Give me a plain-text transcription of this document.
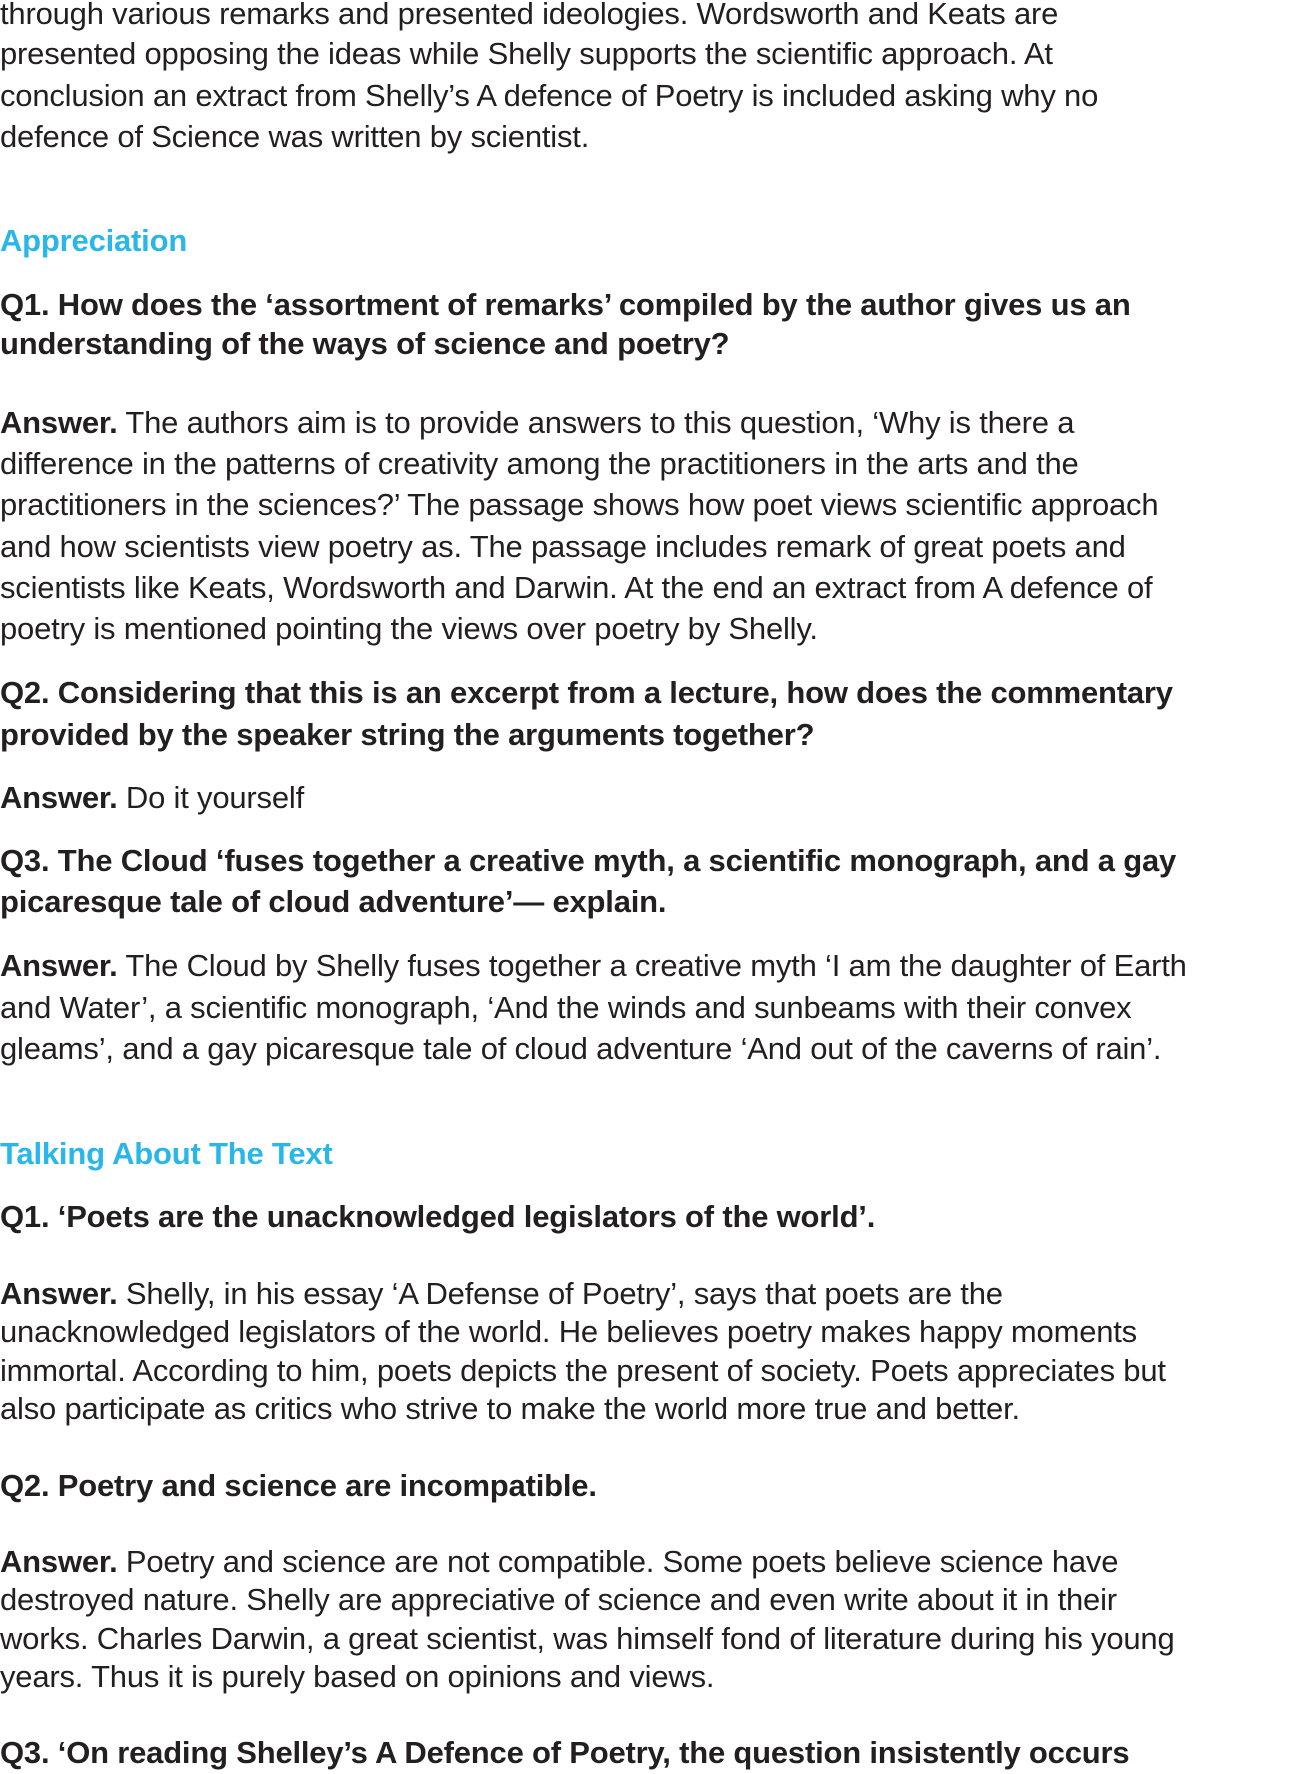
through various remarks and presented ideologies. Wordsworth and Keats are
presented opposing the ideas while Shelly supports the scientific approach. At
conclusion an extract from Shelly’s A defence of Poetry is included asking why no
defence of Science was written by scientist.
Appreciation
Q1. How does the ‘assortment of remarks’ compiled by the author gives us an
understanding of the ways of science and poetry?
Answer. The authors aim is to provide answers to this question, ‘Why is there a
difference in the patterns of creativity among the practitioners in the arts and the
practitioners in the sciences?’ The passage shows how poet views scientific approach
and how scientists view poetry as. The passage includes remark of great poets and
scientists like Keats, Wordsworth and Darwin. At the end an extract from A defence of
poetry is mentioned pointing the views over poetry by Shelly.
Q2. Considering that this is an excerpt from a lecture, how does the commentary
provided by the speaker string the arguments together?
Answer. Do it yourself
Q3. The Cloud ‘fuses together a creative myth, a scientific monograph, and a gay
picaresque tale of cloud adventure’— explain.
Answer. The Cloud by Shelly fuses together a creative myth ‘I am the daughter of Earth
and Water’, a scientific monograph, ‘And the winds and sunbeams with their convex
gleams’, and a gay picaresque tale of cloud adventure ‘And out of the caverns of rain’.
Talking About The Text
Q1. ‘Poets are the unacknowledged legislators of the world’.
Answer. Shelly, in his essay ‘A Defense of Poetry’, says that poets are the
unacknowledged legislators of the world. He believes poetry makes happy moments
immortal. According to him, poets depicts the present of society. Poets appreciates but
also participate as critics who strive to make the world more true and better.
Q2. Poetry and science are incompatible.
Answer. Poetry and science are not compatible. Some poets believe science have
destroyed nature. Shelly are appreciative of science and even write about it in their
works. Charles Darwin, a great scientist, was himself fond of literature during his young
years. Thus it is purely based on opinions and views.
Q3. ‘On reading Shelley’s A Defence of Poetry, the question insistently occurs
